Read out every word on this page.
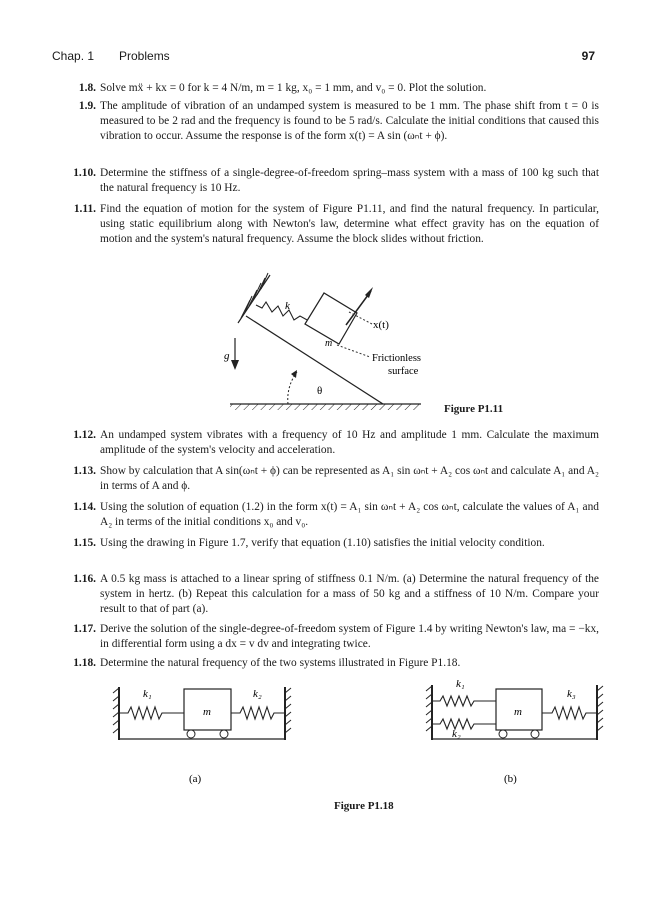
Chap. 1 Problems	97
1.8. Solve mẍ + kx = 0 for k = 4 N/m, m = 1 kg, x₀ = 1 mm, and v₀ = 0. Plot the solution.

1.9. The amplitude of vibration of an undamped system is measured to be 1 mm. The phase shift from t = 0 is measured to be 2 rad and the frequency is found to be 5 rad/s. Calculate the initial conditions that caused this vibration to occur. Assume the response is of the form x(t) = A sin (ωₙt + ϕ).

1.10. Determine the stiffness of a single-degree-of-freedom spring–mass system with a mass of 100 kg such that the natural frequency is 10 Hz.

1.11. Find the equation of motion for the system of Figure P1.11, and find the natural frequency. In particular, using static equilibrium along with Newton's law, determine what effect gravity has on the equation of motion and the system's natural frequency. Assume the block slides without friction.

k
m
g
x(t)
θ
Frictionless
surface
Figure P1.11
1.12. An undamped system vibrates with a frequency of 10 Hz and amplitude 1 mm. Calculate the maximum amplitude of the system's velocity and acceleration.

1.13. Show by calculation that A sin(ωₙt + ϕ) can be represented as A₁ sin ωₙt + A₂ cos ωₙt and calculate A₁ and A₂ in terms of A and ϕ.

1.14. Using the solution of equation (1.2) in the form x(t) = A₁ sin ωₙt + A₂ cos ωₙt, calculate the values of A₁ and A₂ in terms of the initial conditions x₀ and v₀.

1.15. Using the drawing in Figure 1.7, verify that equation (1.10) satisfies the initial velocity condition.

1.16. A 0.5 kg mass is attached to a linear spring of stiffness 0.1 N/m. (a) Determine the natural frequency of the system in hertz. (b) Repeat this calculation for a mass of 50 kg and a stiffness of 10 N/m. Compare your result to that of part (a).

1.17. Derive the solution of the single-degree-of-freedom system of Figure 1.4 by writing Newton's law, ma = −kx, in differential form using a dx = v dv and integrating twice.

1.18. Determine the natural frequency of the two systems illustrated in Figure P1.18.

k₁	k₂
m
(a)
k₁
k₂
k₃
m
(b)
Figure P1.18
